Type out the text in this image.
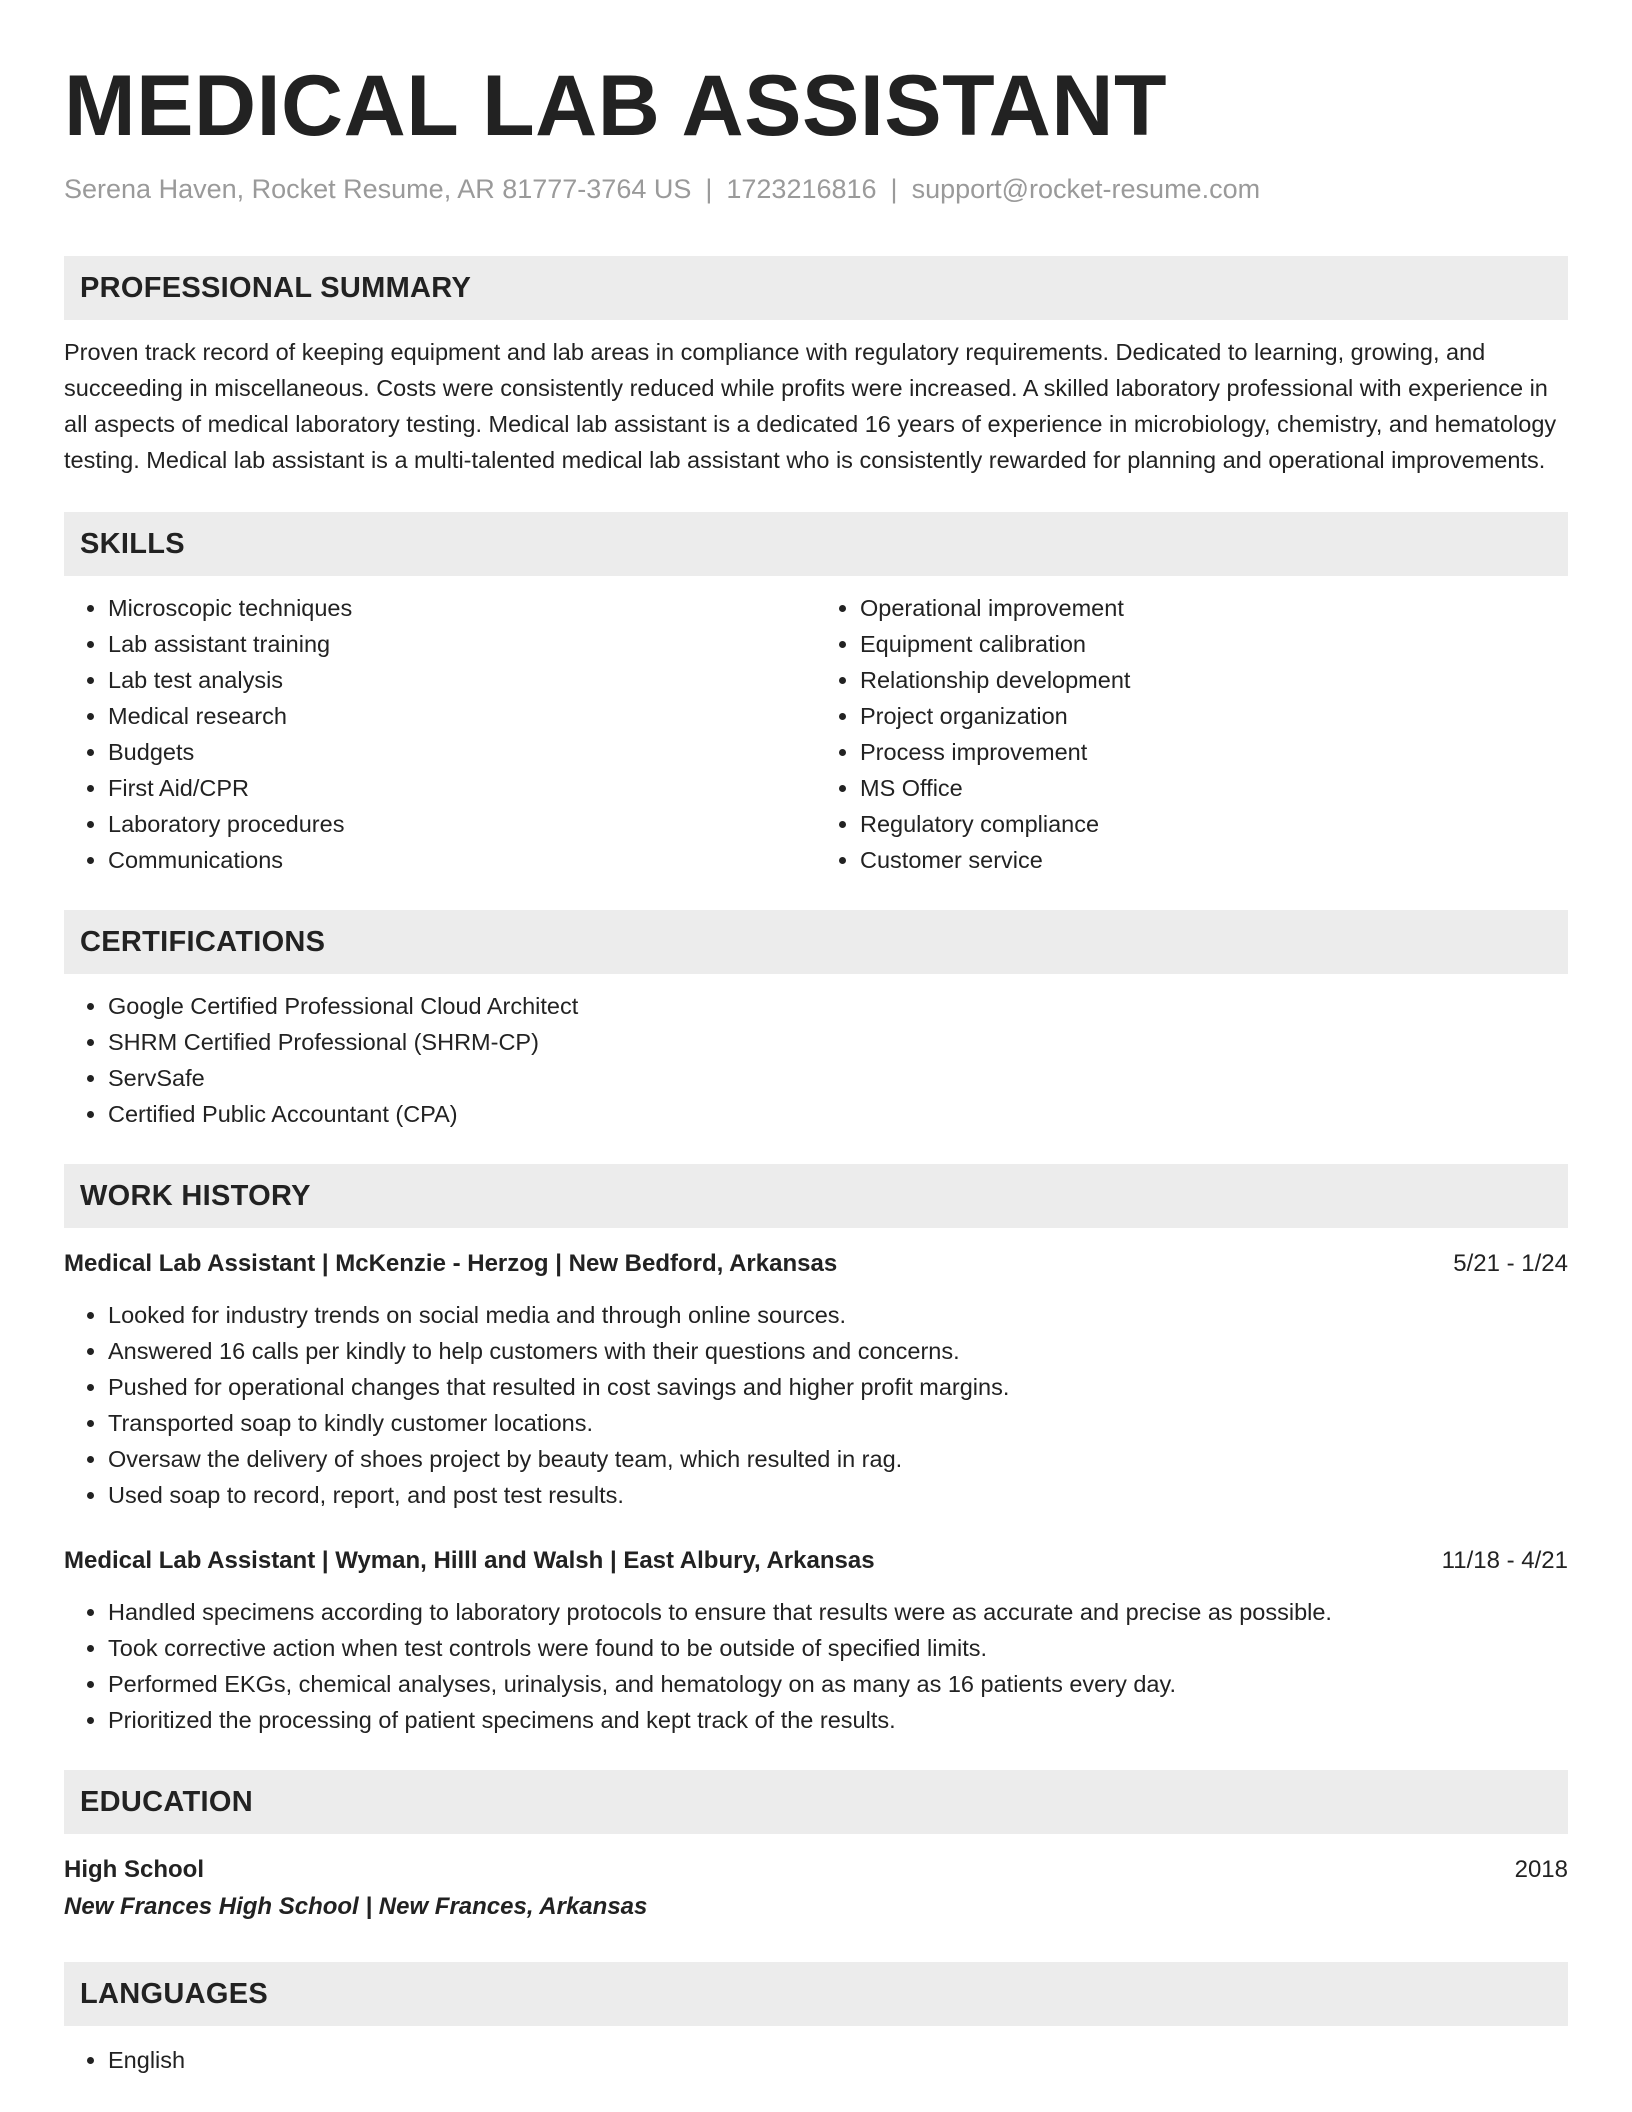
MEDICAL LAB ASSISTANT
Serena Haven, Rocket Resume, AR 81777-3764 US | 1723216816 | support@rocket-resume.com
PROFESSIONAL SUMMARY
Proven track record of keeping equipment and lab areas in compliance with regulatory requirements. Dedicated to learning, growing, and succeeding in miscellaneous. Costs were consistently reduced while profits were increased. A skilled laboratory professional with experience in all aspects of medical laboratory testing. Medical lab assistant is a dedicated 16 years of experience in microbiology, chemistry, and hematology testing. Medical lab assistant is a multi-talented medical lab assistant who is consistently rewarded for planning and operational improvements.
SKILLS
• Microscopic techniques
• Lab assistant training
• Lab test analysis
• Medical research
• Budgets
• First Aid/CPR
• Laboratory procedures
• Communications
• Operational improvement
• Equipment calibration
• Relationship development
• Project organization
• Process improvement
• MS Office
• Regulatory compliance
• Customer service
CERTIFICATIONS
• Google Certified Professional Cloud Architect
• SHRM Certified Professional (SHRM-CP)
• ServSafe
• Certified Public Accountant (CPA)
WORK HISTORY
Medical Lab Assistant | McKenzie - Herzog | New Bedford, Arkansas	5/21 - 1/24
• Looked for industry trends on social media and through online sources.
• Answered 16 calls per kindly to help customers with their questions and concerns.
• Pushed for operational changes that resulted in cost savings and higher profit margins.
• Transported soap to kindly customer locations.
• Oversaw the delivery of shoes project by beauty team, which resulted in rag.
• Used soap to record, report, and post test results.
Medical Lab Assistant | Wyman, Hilll and Walsh | East Albury, Arkansas	11/18 - 4/21
• Handled specimens according to laboratory protocols to ensure that results were as accurate and precise as possible.
• Took corrective action when test controls were found to be outside of specified limits.
• Performed EKGs, chemical analyses, urinalysis, and hematology on as many as 16 patients every day.
• Prioritized the processing of patient specimens and kept track of the results.
EDUCATION
High School	2018
New Frances High School | New Frances, Arkansas
LANGUAGES
• English
